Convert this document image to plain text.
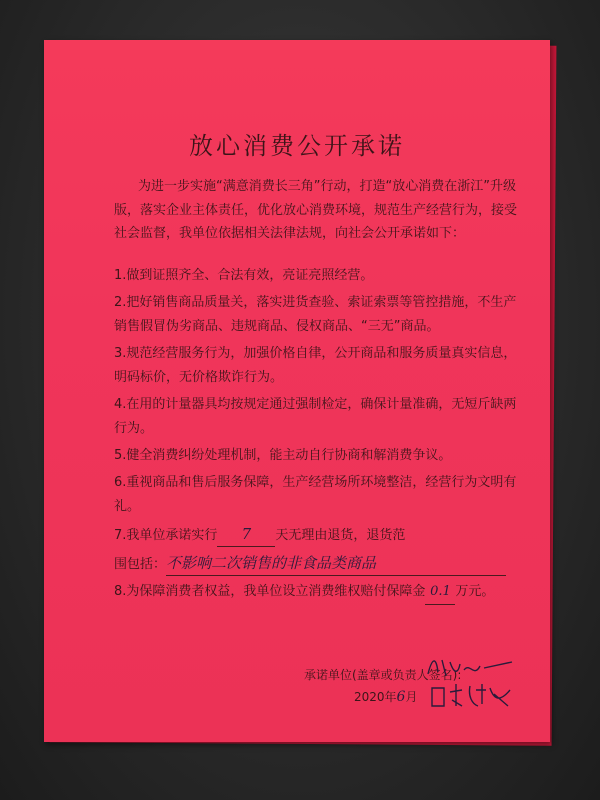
放心消费公开承诺

为进一步实施“满意消费长三角”行动，打造“放心消费在浙江”升级版，落实企业主体责任，优化放心消费环境，规范生产经营行为，接受社会监督，我单位依据相关法律法规，向社会公开承诺如下：

1.做到证照齐全、合法有效，亮证亮照经营。

2.把好销售商品质量关，落实进货查验、索证索票等管控措施，不生产销售假冒伪劣商品、违规商品、侵权商品、“三无”商品。

3.规范经营服务行为，加强价格自律，公开商品和服务质量真实信息，明码标价，无价格欺诈行为。

4.在用的计量器具均按规定通过强制检定，确保计量准确，无短斤缺两行为。

5.健全消费纠纷处理机制，能主动自行协商和解消费争议。

6.重视商品和售后服务保障，生产经营场所环境整洁，经营行为文明有礼。

7.我单位承诺实行 7 天无理由退货，退货范

围包括：不影响二次销售的非食品类商品

8.为保障消费者权益，我单位设立消费维权赔付保障金 0.1 万元。

承诺单位(盖章或负责人签名):
2020年6月
